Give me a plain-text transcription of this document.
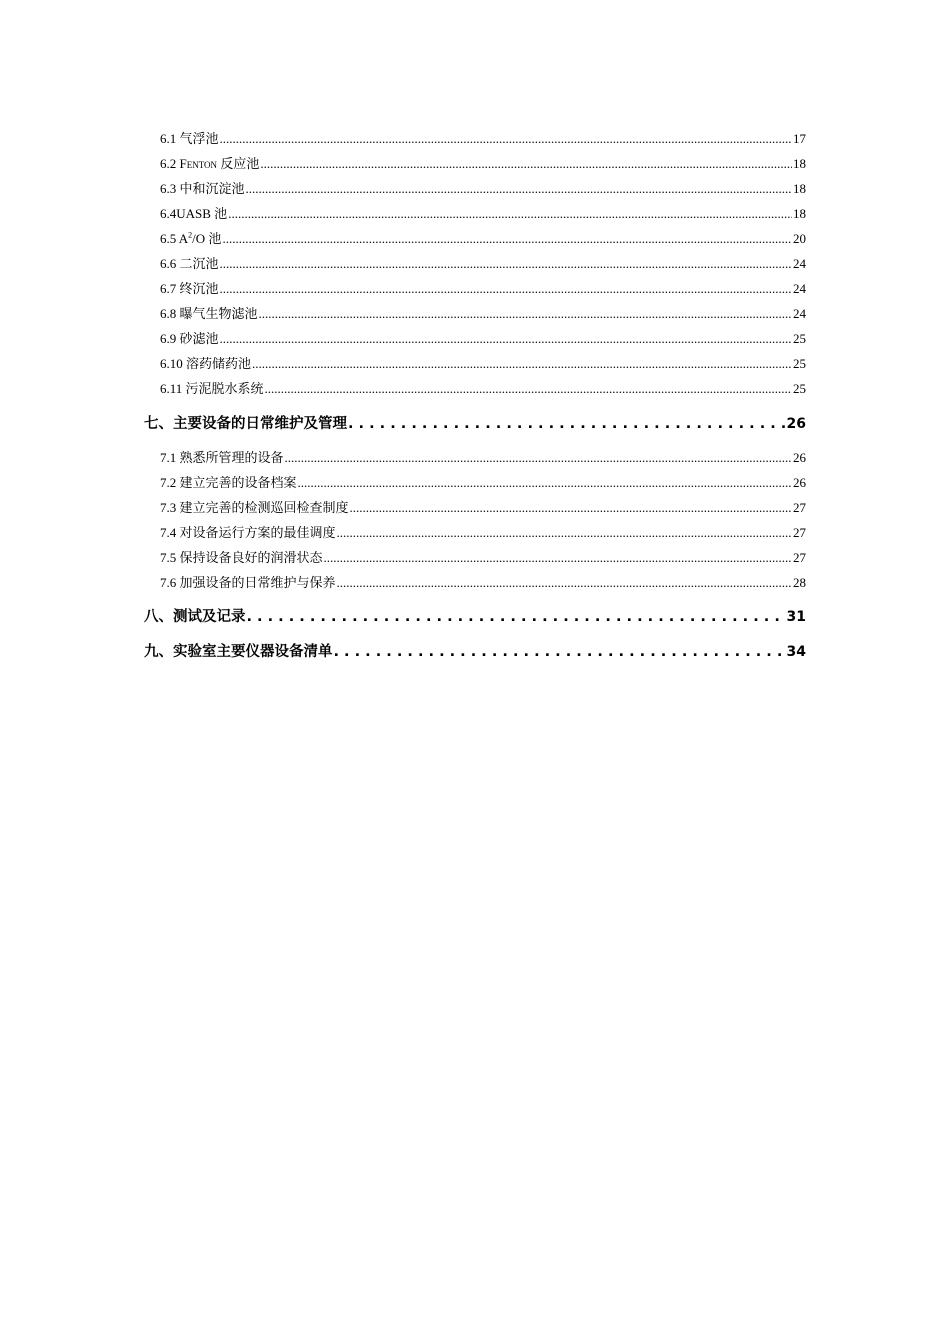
6.1 气浮池 .....	17
6.2 Fenton 反应池 .....	18
6.3 中和沉淀池 .....	18
6.4UASB 池 .....	18
6.5 $A^2/O$ 池 .....	20
6.6 二沉池 .....	24
6.7 终沉池 .....	24
6.8 曝气生物滤池 .....	24
6.9 砂滤池 .....	25
6.10 溶药储药池 .....	25
6.11 污泥脱水系统 .....	25
七、主要设备的日常维护及管理 . . .	26
7.1 熟悉所管理的设备 .....	26
7.2 建立完善的设备档案 .....	26
7.3 建立完善的检测巡回检查制度 .....	27
7.4 对设备运行方案的最佳调度 .....	27
7.5 保持设备良好的润滑状态 .....	27
7.6 加强设备的日常维护与保养 .....	28
八、测试及记录 . . .	31
九、实验室主要仪器设备清单 . . .	34
